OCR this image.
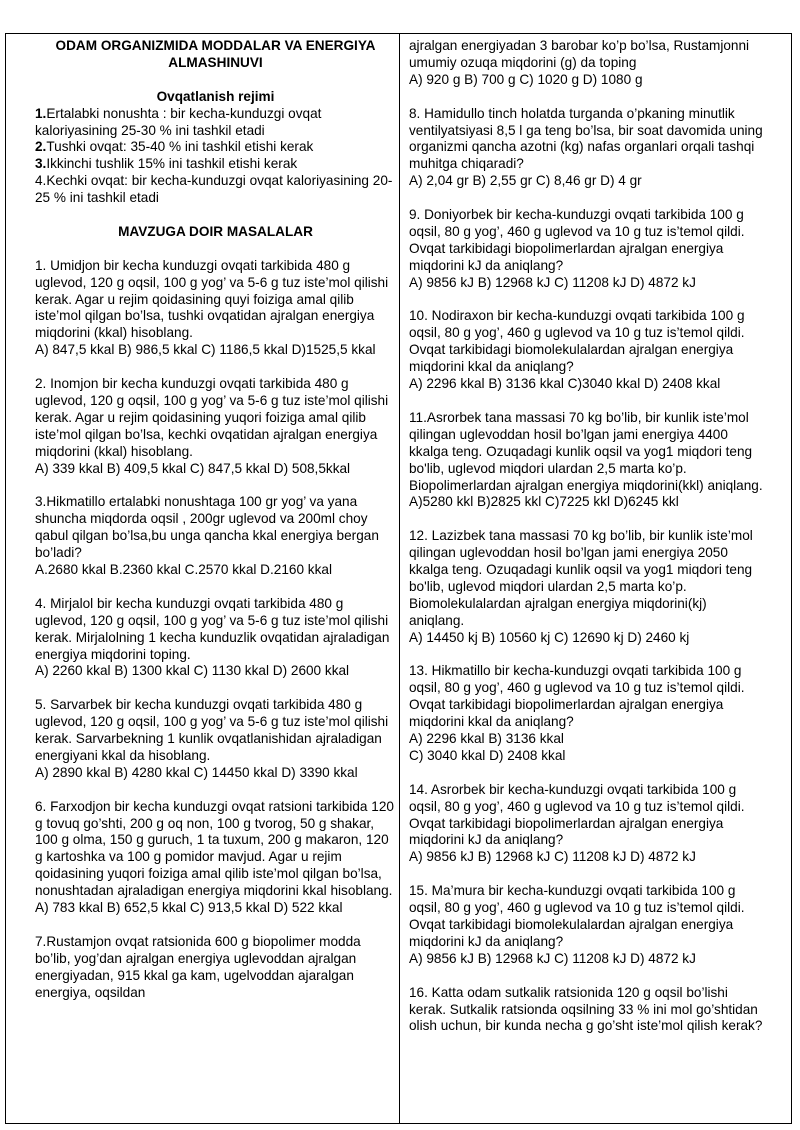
ODAM ORGANIZMIDA MODDALAR VA ENERGIYA
ALMASHINUVI
Ovqatlanish rejimi
1.Ertalabki nonushta : bir kecha-kunduzgi ovqat kaloriyasining 25-30 % ini tashkil etadi
2.Tushki ovqat: 35-40 % ini tashkil etishi kerak
3.Ikkinchi tushlik 15% ini tashkil etishi kerak
4.Kechki ovqat: bir kecha-kunduzgi ovqat kaloriyasining 20-25 % ini tashkil etadi
MAVZUGA DOIR MASALALAR

1. Umidjon bir kecha kunduzgi ovqati tarkibida 480 g uglevod, 120 g oqsil, 100 g yog’ va 5-6 g tuz iste’mol qilishi kerak. Agar u rejim qoidasining quyi foiziga amal qilib iste’mol qilgan bo’lsa, tushki ovqatidan ajralgan energiya miqdorini (kkal) hisoblang.

A) 847,5 kkal B) 986,5 kkal C) 1186,5 kkal D)1525,5 kkal

2. Inomjon bir kecha kunduzgi ovqati tarkibida 480 g uglevod, 120 g oqsil, 100 g yog’ va 5-6 g tuz iste’mol qilishi kerak. Agar u rejim qoidasining yuqori foiziga amal qilib iste’mol qilgan bo’lsa, kechki ovqatidan ajralgan energiya miqdorini (kkal) hisoblang.

A) 339 kkal B) 409,5 kkal C) 847,5 kkal D) 508,5kkal

3.Hikmatillo ertalabki nonushtaga 100 gr yog’ va yana shuncha miqdorda oqsil , 200gr uglevod va 200ml choy qabul qilgan bo’lsa,bu unga qancha kkal energiya bergan bo’ladi?

A.2680 kkal B.2360 kkal C.2570 kkal D.2160 kkal

4. Mirjalol bir kecha kunduzgi ovqati tarkibida 480 g uglevod, 120 g oqsil, 100 g yog’ va 5-6 g tuz iste’mol qilishi kerak. Mirjalolning 1 kecha kunduzlik ovqatidan ajraladigan energiya miqdorini toping.

A) 2260 kkal B) 1300 kkal C) 1130 kkal D) 2600 kkal

5. Sarvarbek bir kecha kunduzgi ovqati tarkibida 480 g uglevod, 120 g oqsil, 100 g yog’ va 5-6 g tuz iste’mol qilishi kerak. Sarvarbekning 1 kunlik ovqatlanishidan ajraladigan energiyani kkal da hisoblang.

A) 2890 kkal B) 4280 kkal C) 14450 kkal D) 3390 kkal

6. Farxodjon bir kecha kunduzgi ovqat ratsioni tarkibida 120 g tovuq go’shti, 200 g oq non, 100 g tvorog, 50 g shakar, 100 g olma, 150 g guruch, 1 ta tuxum, 200 g makaron, 120 g kartoshka va 100 g pomidor mavjud. Agar u rejim qoidasining yuqori foiziga amal qilib iste’mol qilgan bo’lsa, nonushtadan ajraladigan energiya miqdorini kkal hisoblang.

A) 783 kkal B) 652,5 kkal C) 913,5 kkal D) 522 kkal

7.Rustamjon ovqat ratsionida 600 g biopolimer modda bo’lib, yog’dan ajralgan energiya uglevoddan ajralgan energiyadan, 915 kkal ga kam, ugelvoddan ajaralgan energiya, oqsildan

ajralgan energiyadan 3 barobar ko’p bo’lsa, Rustamjonni umumiy ozuqa miqdorini (g) da toping

A) 920 g B) 700 g C) 1020 g D) 1080 g

8. Hamidullo tinch holatda turganda o’pkaning minutlik ventilyatsiyasi 8,5 l ga teng bo’lsa, bir soat davomida uning organizmi qancha azotni (kg) nafas organlari orqali tashqi muhitga chiqaradi?

A) 2,04 gr B) 2,55 gr C) 8,46 gr D) 4 gr

9. Doniyorbek bir kecha-kunduzgi ovqati tarkibida 100 g oqsil, 80 g yog’, 460 g uglevod va 10 g tuz is’temol qildi. Ovqat tarkibidagi biopolimerlardan ajralgan energiya miqdorini kJ da aniqlang?

A) 9856 kJ B) 12968 kJ C) 11208 kJ D) 4872 kJ

10. Nodiraxon bir kecha-kunduzgi ovqati tarkibida 100 g oqsil, 80 g yog’, 460 g uglevod va 10 g tuz is’temol qildi. Ovqat tarkibidagi biomolekulalardan ajralgan energiya miqdorini kkal da aniqlang?

A) 2296 kkal B) 3136 kkal C)3040 kkal D) 2408 kkal

11.Asrorbek tana massasi 70 kg bo’lib, bir kunlik iste’mol qilingan uglevoddan hosil bo’lgan jami energiya 4400 kkalga teng. Ozuqadagi kunlik oqsil va yog1 miqdori teng bo'lib, uglevod miqdori ulardan 2,5 marta ko’p. Biopolimerlardan ajralgan energiya miqdorini(kkl) aniqlang.

A)5280 kkl B)2825 kkl C)7225 kkl D)6245 kkl

12. Lazizbek tana massasi 70 kg bo’lib, bir kunlik iste’mol qilingan uglevoddan hosil bo’lgan jami energiya 2050 kkalga teng. Ozuqadagi kunlik oqsil va yog1 miqdori teng bo'lib, uglevod miqdori ulardan 2,5 marta ko’p. Biomolekulalardan ajralgan energiya miqdorini(kj) aniqlang.

A) 14450 kj B) 10560 kj C) 12690 kj D) 2460 kj

13. Hikmatillo bir kecha-kunduzgi ovqati tarkibida 100 g oqsil, 80 g yog’, 460 g uglevod va 10 g tuz is’temol qildi. Ovqat tarkibidagi biopolimerlardan ajralgan energiya miqdorini kkal da aniqlang?

A) 2296 kkal B) 3136 kkal
C) 3040 kkal D) 2408 kkal

14. Asrorbek bir kecha-kunduzgi ovqati tarkibida 100 g oqsil, 80 g yog’, 460 g uglevod va 10 g tuz is’temol qildi. Ovqat tarkibidagi biopolimerlardan ajralgan energiya miqdorini kJ da aniqlang?

A) 9856 kJ B) 12968 kJ C) 11208 kJ D) 4872 kJ

15. Ma’mura bir kecha-kunduzgi ovqati tarkibida 100 g oqsil, 80 g yog’, 460 g uglevod va 10 g tuz is’temol qildi. Ovqat tarkibidagi biomolekulalardan ajralgan energiya miqdorini kJ da aniqlang?

A) 9856 kJ B) 12968 kJ C) 11208 kJ D) 4872 kJ

16. Katta odam sutkalik ratsionida 120 g oqsil bo’lishi kerak. Sutkalik ratsionda oqsilning 33 % ini mol go’shtidan olish uchun, bir kunda necha g go’sht iste’mol qilish kerak?
